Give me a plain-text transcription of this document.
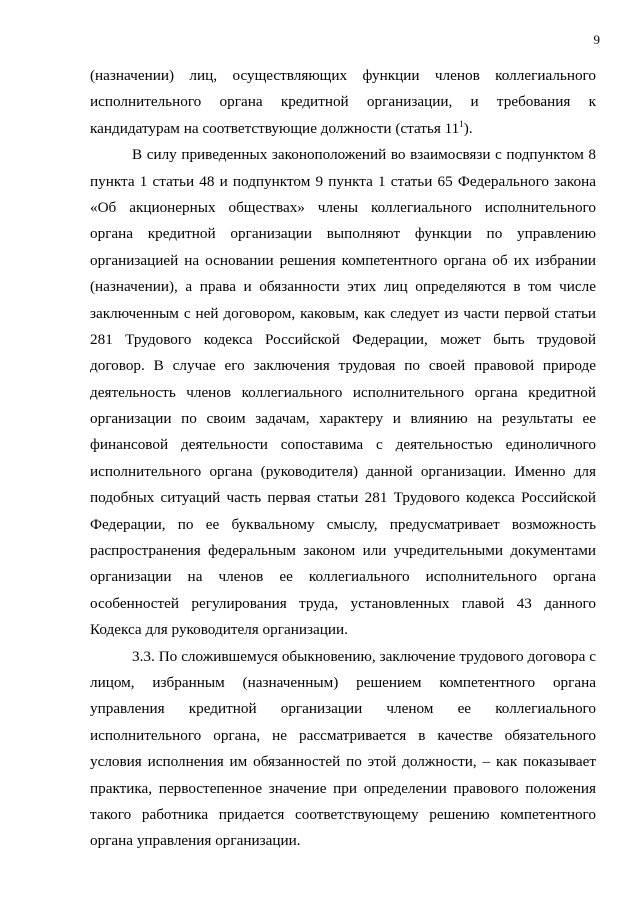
9
(назначении) лиц, осуществляющих функции членов коллегиального
исполнительного органа кредитной организации, и требования к
кандидатурам на соответствующие должности (статья $11^1$).
В силу приведенных законоположений во взаимосвязи с подпунктом 8
пункта 1 статьи 48 и подпунктом 9 пункта 1 статьи 65 Федерального закона
«Об акционерных обществах» члены коллегиального исполнительного
органа кредитной организации выполняют функции по управлению
организацией на основании решения компетентного органа об их избрании
(назначении), а права и обязанности этих лиц определяются в том числе
заключенным с ней договором, каковым, как следует из части первой статьи
281 Трудового кодекса Российской Федерации, может быть трудовой
договор. В случае его заключения трудовая по своей правовой природе
деятельность членов коллегиального исполнительного органа кредитной
организации по своим задачам, характеру и влиянию на результаты ее
финансовой деятельности сопоставима с деятельностью единоличного
исполнительного органа (руководителя) данной организации. Именно для
подобных ситуаций часть первая статьи 281 Трудового кодекса Российской
Федерации, по ее буквальному смыслу, предусматривает возможность
распространения федеральным законом или учредительными документами
организации на членов ее коллегиального исполнительного органа
особенностей регулирования труда, установленных главой 43 данного
Кодекса для руководителя организации.
3.3. По сложившемуся обыкновению, заключение трудового договора с
лицом, избранным (назначенным) решением компетентного органа
управления кредитной организации членом ее коллегиального
исполнительного органа, не рассматривается в качестве обязательного
условия исполнения им обязанностей по этой должности, – как показывает
практика, первостепенное значение при определении правового положения
такого работника придается соответствующему решению компетентного
органа управления организации.
